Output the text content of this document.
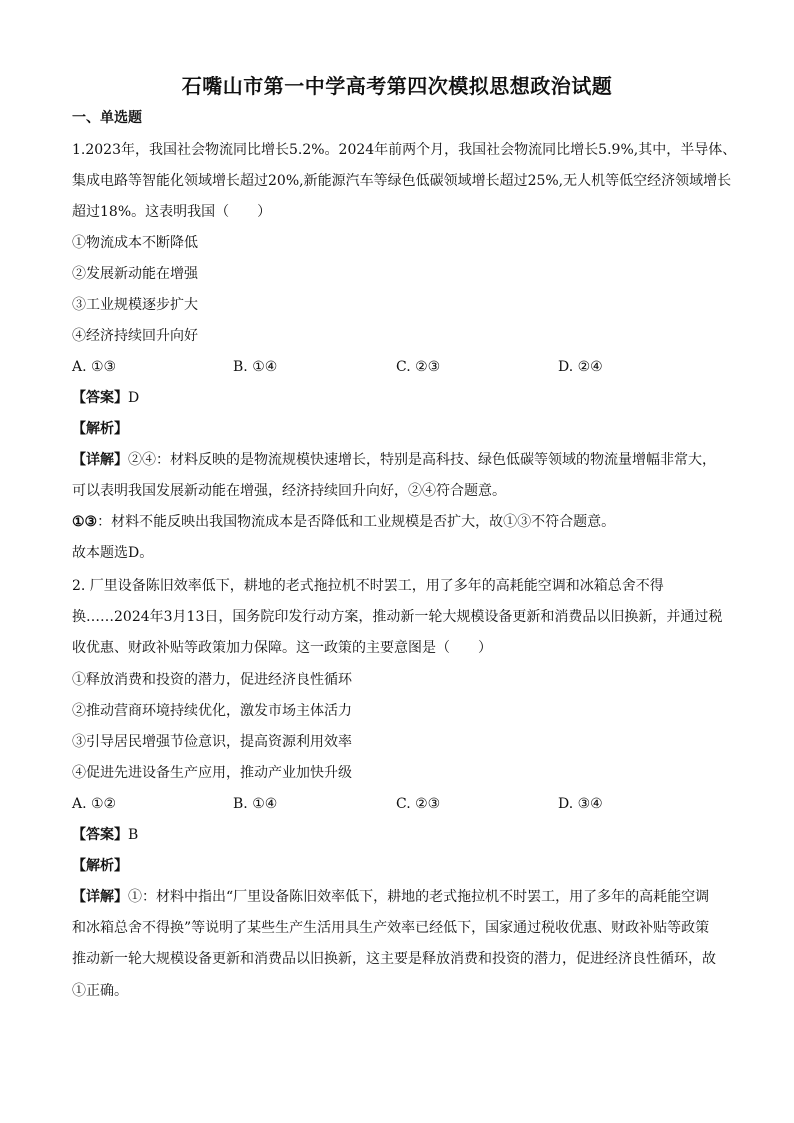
石嘴山市第一中学高考第四次模拟思想政治试题
一、单选题
1.2023年，我国社会物流同比增长5.2%。2024年前两个月，我国社会物流同比增长5.9%,其中，半导体、
集成电路等智能化领域增长超过20%,新能源汽车等绿色低碳领域增长超过25%,无人机等低空经济领域增长
超过18%。这表明我国（　　）
①物流成本不断降低
②发展新动能在增强
③工业规模逐步扩大
④经济持续回升向好
A. ①③	B. ①④	C. ②③	D. ②④
【答案】D
【解析】
【详解】②④：材料反映的是物流规模快速增长，特别是高科技、绿色低碳等领域的物流量增幅非常大，
可以表明我国发展新动能在增强，经济持续回升向好，②④符合题意。
①③：材料不能反映出我国物流成本是否降低和工业规模是否扩大，故①③不符合题意。
故本题选D。
2. 厂里设备陈旧效率低下，耕地的老式拖拉机不时罢工，用了多年的高耗能空调和冰箱总舍不得
换……2024年3月13日，国务院印发行动方案，推动新一轮大规模设备更新和消费品以旧换新，并通过税
收优惠、财政补贴等政策加力保障。这一政策的主要意图是（　　）
①释放消费和投资的潜力，促进经济良性循环
②推动营商环境持续优化，激发市场主体活力
③引导居民增强节俭意识，提高资源利用效率
④促进先进设备生产应用，推动产业加快升级
A. ①②	B. ①④	C. ②③	D. ③④
【答案】B
【解析】
【详解】①：材料中指出“厂里设备陈旧效率低下，耕地的老式拖拉机不时罢工，用了多年的高耗能空调
和冰箱总舍不得换”等说明了某些生产生活用具生产效率已经低下，国家通过税收优惠、财政补贴等政策
推动新一轮大规模设备更新和消费品以旧换新，这主要是释放消费和投资的潜力，促进经济良性循环，故
①正确。
